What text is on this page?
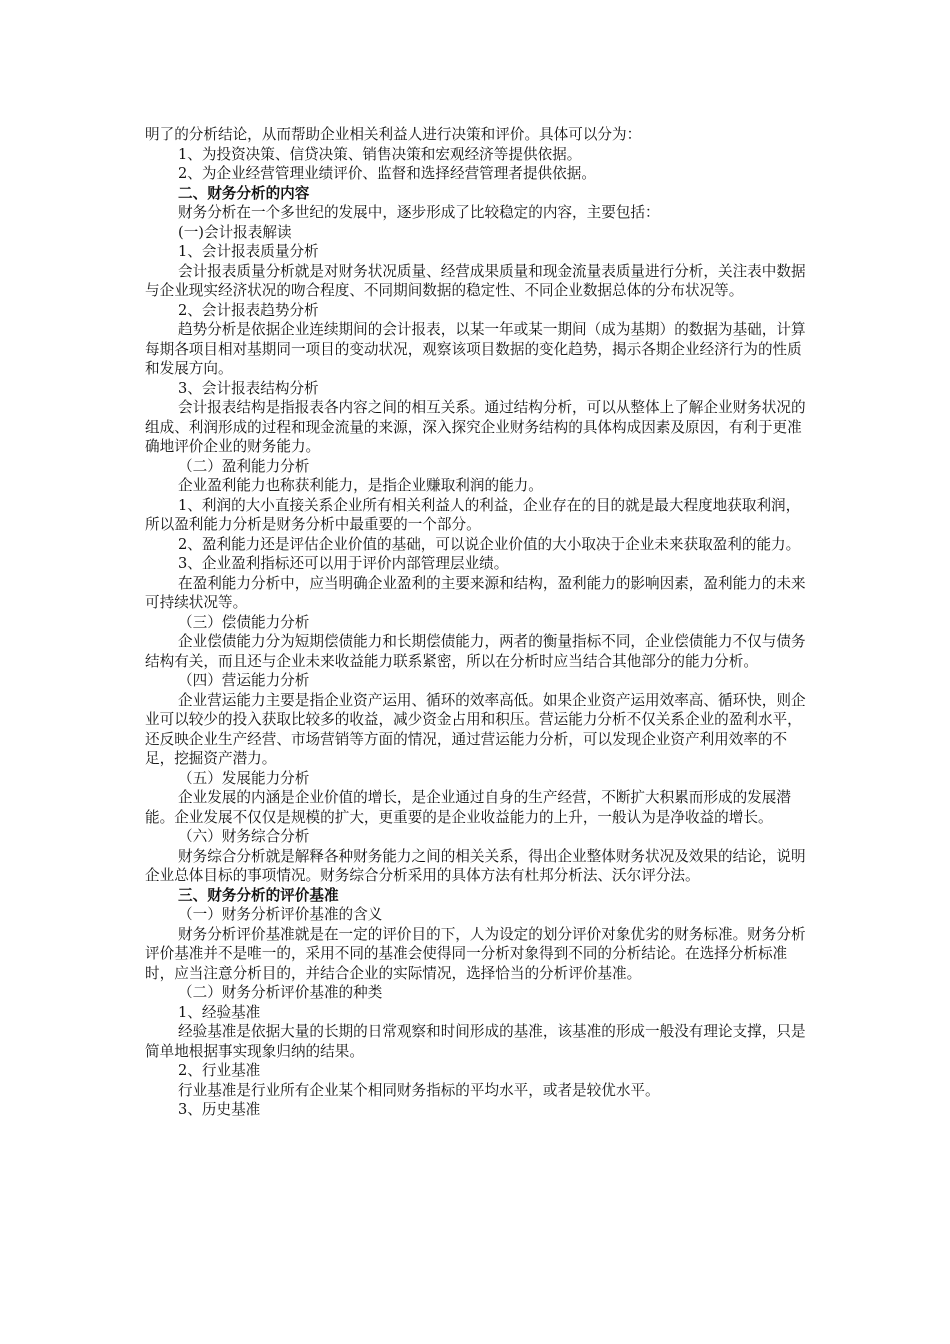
明了的分析结论，从而帮助企业相关利益人进行决策和评价。具体可以分为：

1、为投资决策、信贷决策、销售决策和宏观经济等提供依据。

2、为企业经营管理业绩评价、监督和选择经营管理者提供依据。

二、财务分析的内容

财务分析在一个多世纪的发展中，逐步形成了比较稳定的内容，主要包括：

(一)会计报表解读

1、会计报表质量分析

会计报表质量分析就是对财务状况质量、经营成果质量和现金流量表质量进行分析，关注表中数据与企业现实经济状况的吻合程度、不同期间数据的稳定性、不同企业数据总体的分布状况等。

2、会计报表趋势分析

趋势分析是依据企业连续期间的会计报表，以某一年或某一期间（成为基期）的数据为基础，计算每期各项目相对基期同一项目的变动状况，观察该项目数据的变化趋势，揭示各期企业经济行为的性质和发展方向。

3、会计报表结构分析

会计报表结构是指报表各内容之间的相互关系。通过结构分析，可以从整体上了解企业财务状况的组成、利润形成的过程和现金流量的来源，深入探究企业财务结构的具体构成因素及原因，有利于更准确地评价企业的财务能力。

（二）盈利能力分析

企业盈利能力也称获利能力，是指企业赚取利润的能力。

1、利润的大小直接关系企业所有相关利益人的利益，企业存在的目的就是最大程度地获取利润，所以盈利能力分析是财务分析中最重要的一个部分。

2、盈利能力还是评估企业价值的基础，可以说企业价值的大小取决于企业未来获取盈利的能力。

3、企业盈利指标还可以用于评价内部管理层业绩。

在盈利能力分析中，应当明确企业盈利的主要来源和结构，盈利能力的影响因素，盈利能力的未来可持续状况等。

（三）偿债能力分析

企业偿债能力分为短期偿债能力和长期偿债能力，两者的衡量指标不同，企业偿债能力不仅与债务结构有关，而且还与企业未来收益能力联系紧密，所以在分析时应当结合其他部分的能力分析。

（四）营运能力分析

企业营运能力主要是指企业资产运用、循环的效率高低。如果企业资产运用效率高、循环快，则企业可以较少的投入获取比较多的收益，减少资金占用和积压。营运能力分析不仅关系企业的盈利水平，还反映企业生产经营、市场营销等方面的情况，通过营运能力分析，可以发现企业资产利用效率的不足，挖掘资产潜力。

（五）发展能力分析

企业发展的内涵是企业价值的增长，是企业通过自身的生产经营，不断扩大积累而形成的发展潜能。企业发展不仅仅是规模的扩大，更重要的是企业收益能力的上升，一般认为是净收益的增长。

（六）财务综合分析

财务综合分析就是解释各种财务能力之间的相关关系，得出企业整体财务状况及效果的结论，说明企业总体目标的事项情况。财务综合分析采用的具体方法有杜邦分析法、沃尔评分法。

三、财务分析的评价基准

（一）财务分析评价基准的含义

财务分析评价基准就是在一定的评价目的下，人为设定的划分评价对象优劣的财务标准。财务分析评价基准并不是唯一的，采用不同的基准会使得同一分析对象得到不同的分析结论。在选择分析标准时，应当注意分析目的，并结合企业的实际情况，选择恰当的分析评价基准。

（二）财务分析评价基准的种类

1、经验基准

经验基准是依据大量的长期的日常观察和时间形成的基准，该基准的形成一般没有理论支撑，只是简单地根据事实现象归纳的结果。

2、行业基准

行业基准是行业所有企业某个相同财务指标的平均水平，或者是较优水平。

3、历史基准
